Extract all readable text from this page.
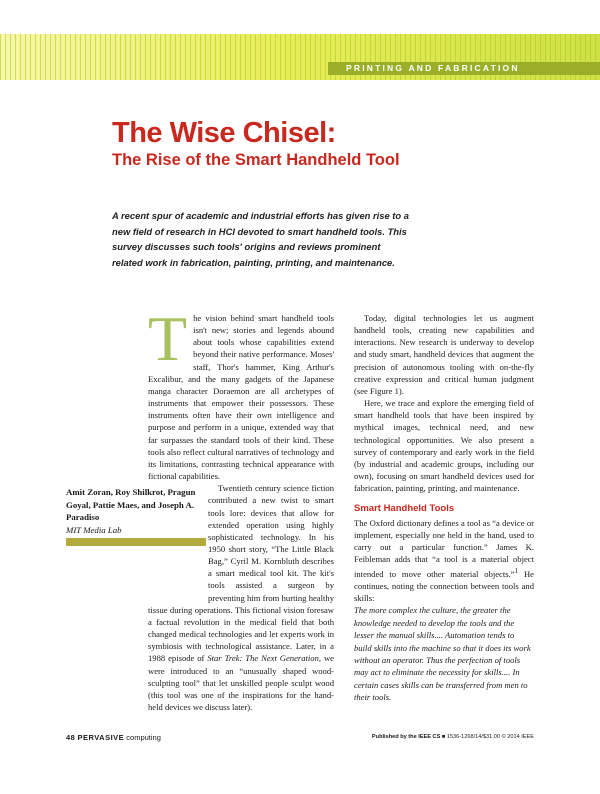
PRINTING AND FABRICATION
The Wise Chisel:
The Rise of the Smart Handheld Tool

A recent spur of academic and industrial efforts has given rise to a new field of research in HCI devoted to smart handheld tools. This survey discusses such tools' origins and reviews prominent related work in fabrication, painting, printing, and maintenance.

The vision behind smart handheld tools isn't new; stories and legends abound about tools whose capabilities extend beyond their native performance. Moses' staff, Thor's hammer, King Arthur's Excalibur, and the many gadgets of the Japanese manga character Doraemon are all archetypes of instruments that empower their possessors. These instruments often have their own intelligence and purpose and perform in a unique, extended way that far surpasses the standard tools of their kind. These tools also reflect cultural narratives of technology and its limitations, contrasting technical appearance with fictional capabilities.

Twentieth century science fiction contributed a new twist to smart tools lore: devices that allow for extended operation using highly sophisticated technology. In his 1950 short story, “The Little Black Bag,” Cyril M. Kornbluth describes a smart medical tool kit. The kit's tools assisted a surgeon by preventing him from hurting healthy tissue during operations. This fictional vision foresaw a factual revolution in the medical field that both changed medical technologies and let experts work in symbiosis with technological assistance. Later, in a 1988 episode of Star Trek: The Next Generation, we were introduced to an “unusually shaped wood-sculpting tool” that let unskilled people sculpt wood (this tool was one of the inspirations for the hand-held devices we discuss later).

Today, digital technologies let us augment handheld tools, creating new capabilities and interactions. New research is underway to develop and study smart, handheld devices that augment the precision of autonomous tooling with on-the-fly creative expression and critical human judgment (see Figure 1).

Here, we trace and explore the emerging field of smart handheld tools that have been inspired by mythical images, technical need, and new technological opportunities. We also present a survey of contemporary and early work in the field (by industrial and academic groups, including our own), focusing on smart handheld devices used for fabrication, painting, printing, and maintenance.

Smart Handheld Tools

The Oxford dictionary defines a tool as “a device or implement, especially one held in the hand, used to carry out a particular function.” James K. Feibleman adds that “a tool is a material object intended to move other material objects.”$^1$ He continues, noting the connection between tools and skills:

The more complex the culture, the greater the knowledge needed to develop the tools and the lesser the manual skills.... Automation tends to build skills into the machine so that it does its work without an operator. Thus the perfection of tools may act to eliminate the necessity for skills.... In certain cases skills can be transferred from men to their tools.

Amit Zoran, Roy Shilkrot, Pragun Goyal, Pattie Maes, and Joseph A. Paradiso
MIT Media Lab
48 PERVASIVE computing	Published by the IEEE CS ■ 1536-1268/14/$31.00 © 2014 IEEE
